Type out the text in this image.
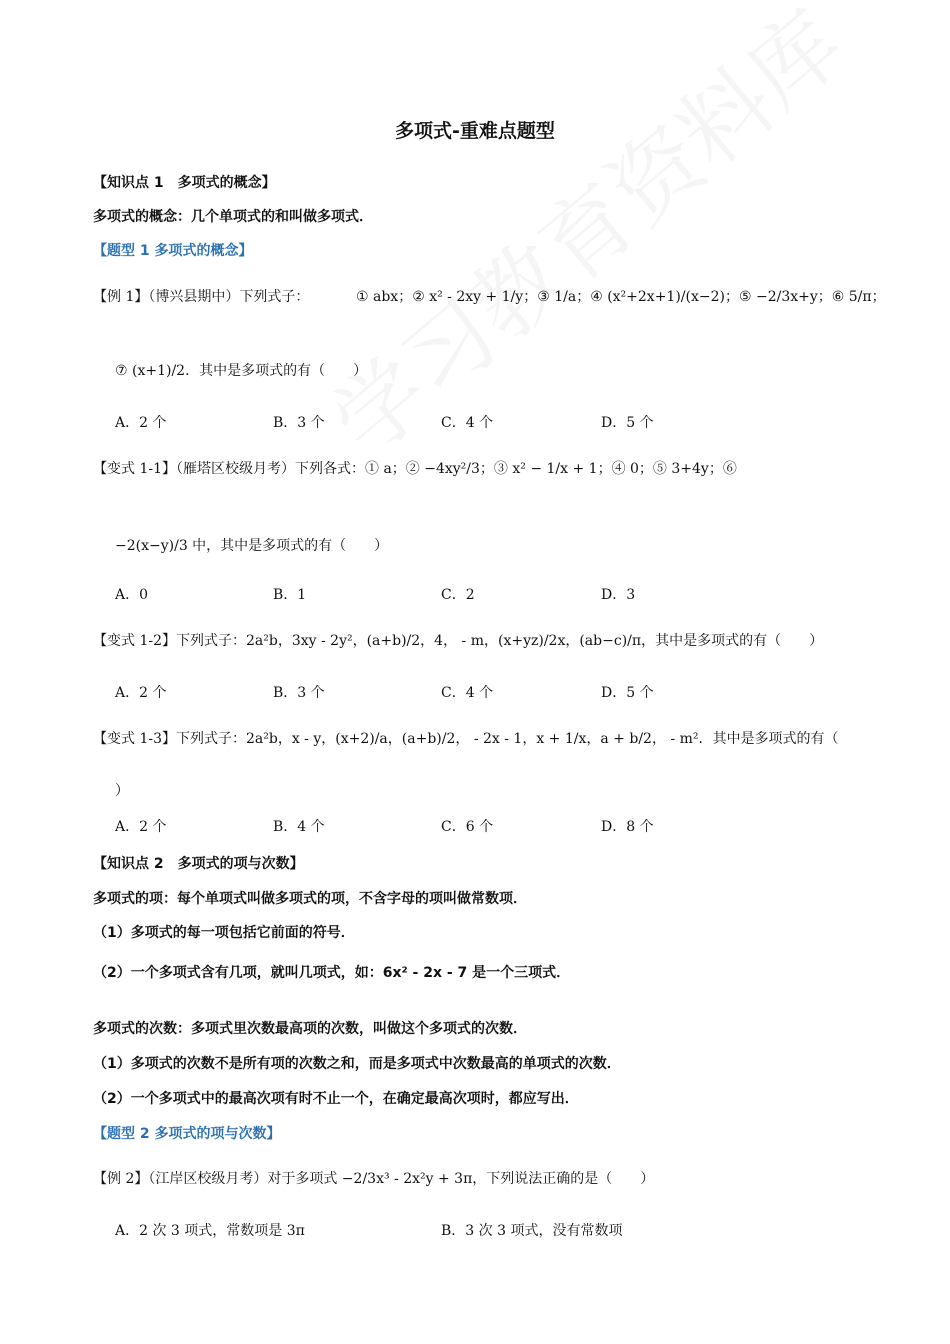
多项式-重难点题型
【知识点 1　多项式的概念】
多项式的概念：几个单项式的和叫做多项式．
【题型 1 多项式的概念】
【例 1】（博兴县期中）下列式子：	① abx；② x² - 2xy + 1/y；③ 1/a；④ (x²+2x+1)/(x−2)；⑤ −2/3x+y；⑥ 5/π；
⑦ (x+1)/2．其中是多项式的有（　　）
A．2 个	B．3 个	C．4 个	D．5 个
【变式 1-1】（雁塔区校级月考）下列各式：① a；② −4xy²/3；③ x² − 1/x + 1；④ 0；⑤ 3+4y；⑥
−2(x−y)/3 中，其中是多项式的有（　　）
A．0	B．1	C．2	D．3
【变式 1-2】下列式子：2a²b，3xy - 2y²，(a+b)/2，4， - m，(x+yz)/2x，(ab−c)/π，其中是多项式的有（　　）
A．2 个	B．3 个	C．4 个	D．5 个
【变式 1-3】下列式子：2a²b，x - y，(x+2)/a，(a+b)/2， - 2x - 1，x + 1/x，a + b/2， - m²．其中是多项式的有（
）
A．2 个	B．4 个	C．6 个	D．8 个
【知识点 2　多项式的项与次数】
多项式的项：每个单项式叫做多项式的项，不含字母的项叫做常数项．
（1）多项式的每一项包括它前面的符号．
（2）一个多项式含有几项，就叫几项式，如：6x² - 2x - 7 是一个三项式．
多项式的次数：多项式里次数最高项的次数，叫做这个多项式的次数．
（1）多项式的次数不是所有项的次数之和，而是多项式中次数最高的单项式的次数．
（2）一个多项式中的最高次项有时不止一个，在确定最高次项时，都应写出．
【题型 2 多项式的项与次数】
【例 2】（江岸区校级月考）对于多项式 −2/3x³ - 2x²y + 3π，下列说法正确的是（　　）
A．2 次 3 项式，常数项是 3π	B．3 次 3 项式，没有常数项
